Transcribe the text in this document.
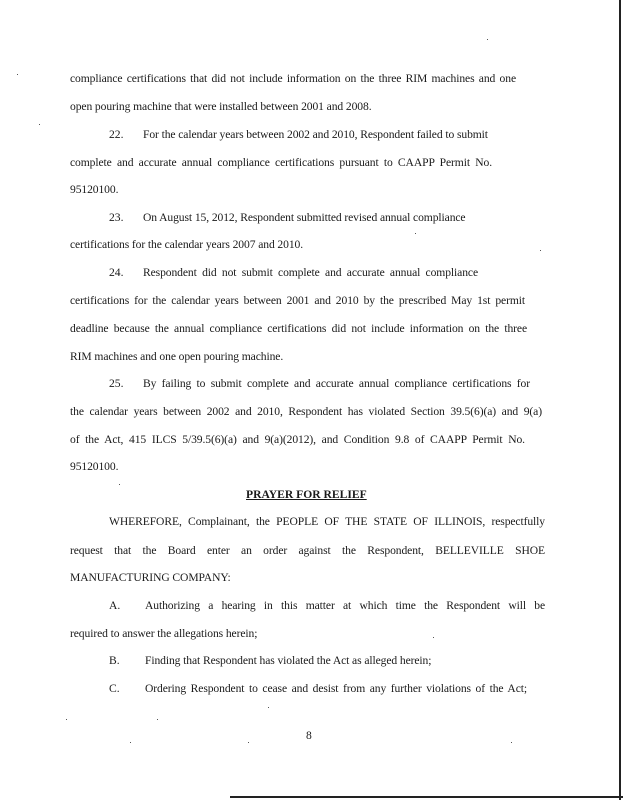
compliance certifications that did not include information on the three RIM machines and one
open pouring machine that were installed between 2001 and 2008.
22. For the calendar years between 2002 and 2010, Respondent failed to submit
complete and accurate annual compliance certifications pursuant to CAAPP Permit No.
95120100.
23. On August 15, 2012, Respondent submitted revised annual compliance
certifications for the calendar years 2007 and 2010.
24. Respondent did not submit complete and accurate annual compliance
certifications for the calendar years between 2001 and 2010 by the prescribed May 1st permit
deadline because the annual compliance certifications did not include information on the three
RIM machines and one open pouring machine.
25. By failing to submit complete and accurate annual compliance certifications for
the calendar years between 2002 and 2010, Respondent has violated Section 39.5(6)(a) and 9(a)
of the Act, 415 ILCS 5/39.5(6)(a) and 9(a)(2012), and Condition 9.8 of CAAPP Permit No.
95120100.
PRAYER FOR RELIEF
WHEREFORE, Complainant, the PEOPLE OF THE STATE OF ILLINOIS, respectfully
request that the Board enter an order against the Respondent, BELLEVILLE SHOE
MANUFACTURING COMPANY:
A. Authorizing a hearing in this matter at which time the Respondent will be
required to answer the allegations herein;
B. Finding that Respondent has violated the Act as alleged herein;
C. Ordering Respondent to cease and desist from any further violations of the Act;
8
